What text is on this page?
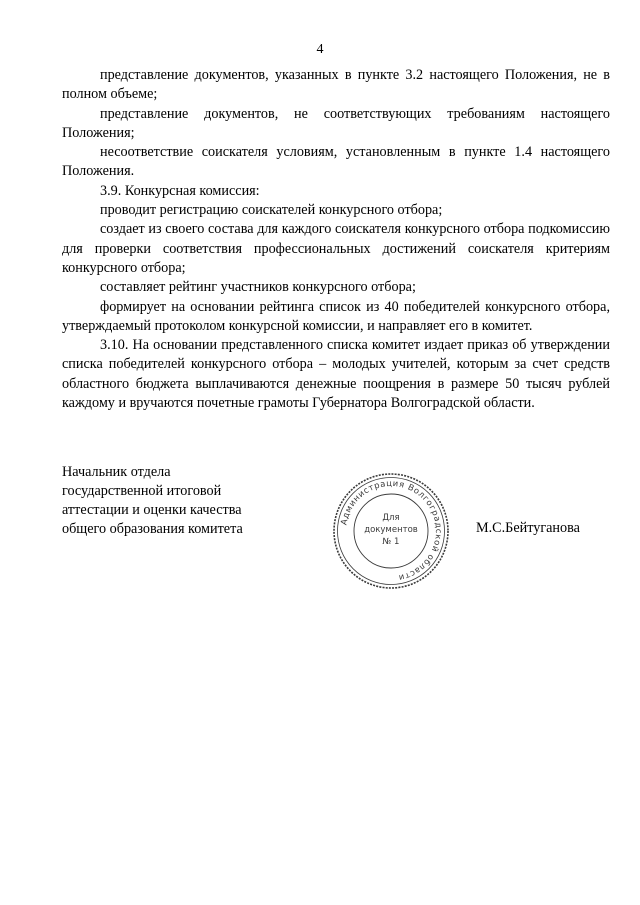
4

представление документов, указанных в пункте 3.2 настоящего Положения, не в полном объеме;

представление документов, не соответствующих требованиям настоящего Положения;

несоответствие соискателя условиям, установленным в пункте 1.4 настоящего Положения.

3.9. Конкурсная комиссия:

проводит регистрацию соискателей конкурсного отбора;

создает из своего состава для каждого соискателя конкурсного отбора подкомиссию для проверки соответствия профессиональных достижений соискателя критериям конкурсного отбора;

составляет рейтинг участников конкурсного отбора;

формирует на основании рейтинга список из 40 победителей конкурсного отбора, утверждаемый протоколом конкурсной комиссии, и направляет его в комитет.

3.10. На основании представленного списка комитет издает приказ об утверждении списка победителей конкурсного отбора – молодых учителей, которым за счет средств областного бюджета выплачиваются денежные поощрения в размере 50 тысяч рублей каждому и вручаются почетные грамоты Губернатора Волгоградской области.

Начальник отдела
государственной итоговой
аттестации и оценки качества
общего образования комитета	Администрация Волгоградской области
Для
документов
№ 1
М.С.Бейтуганова
